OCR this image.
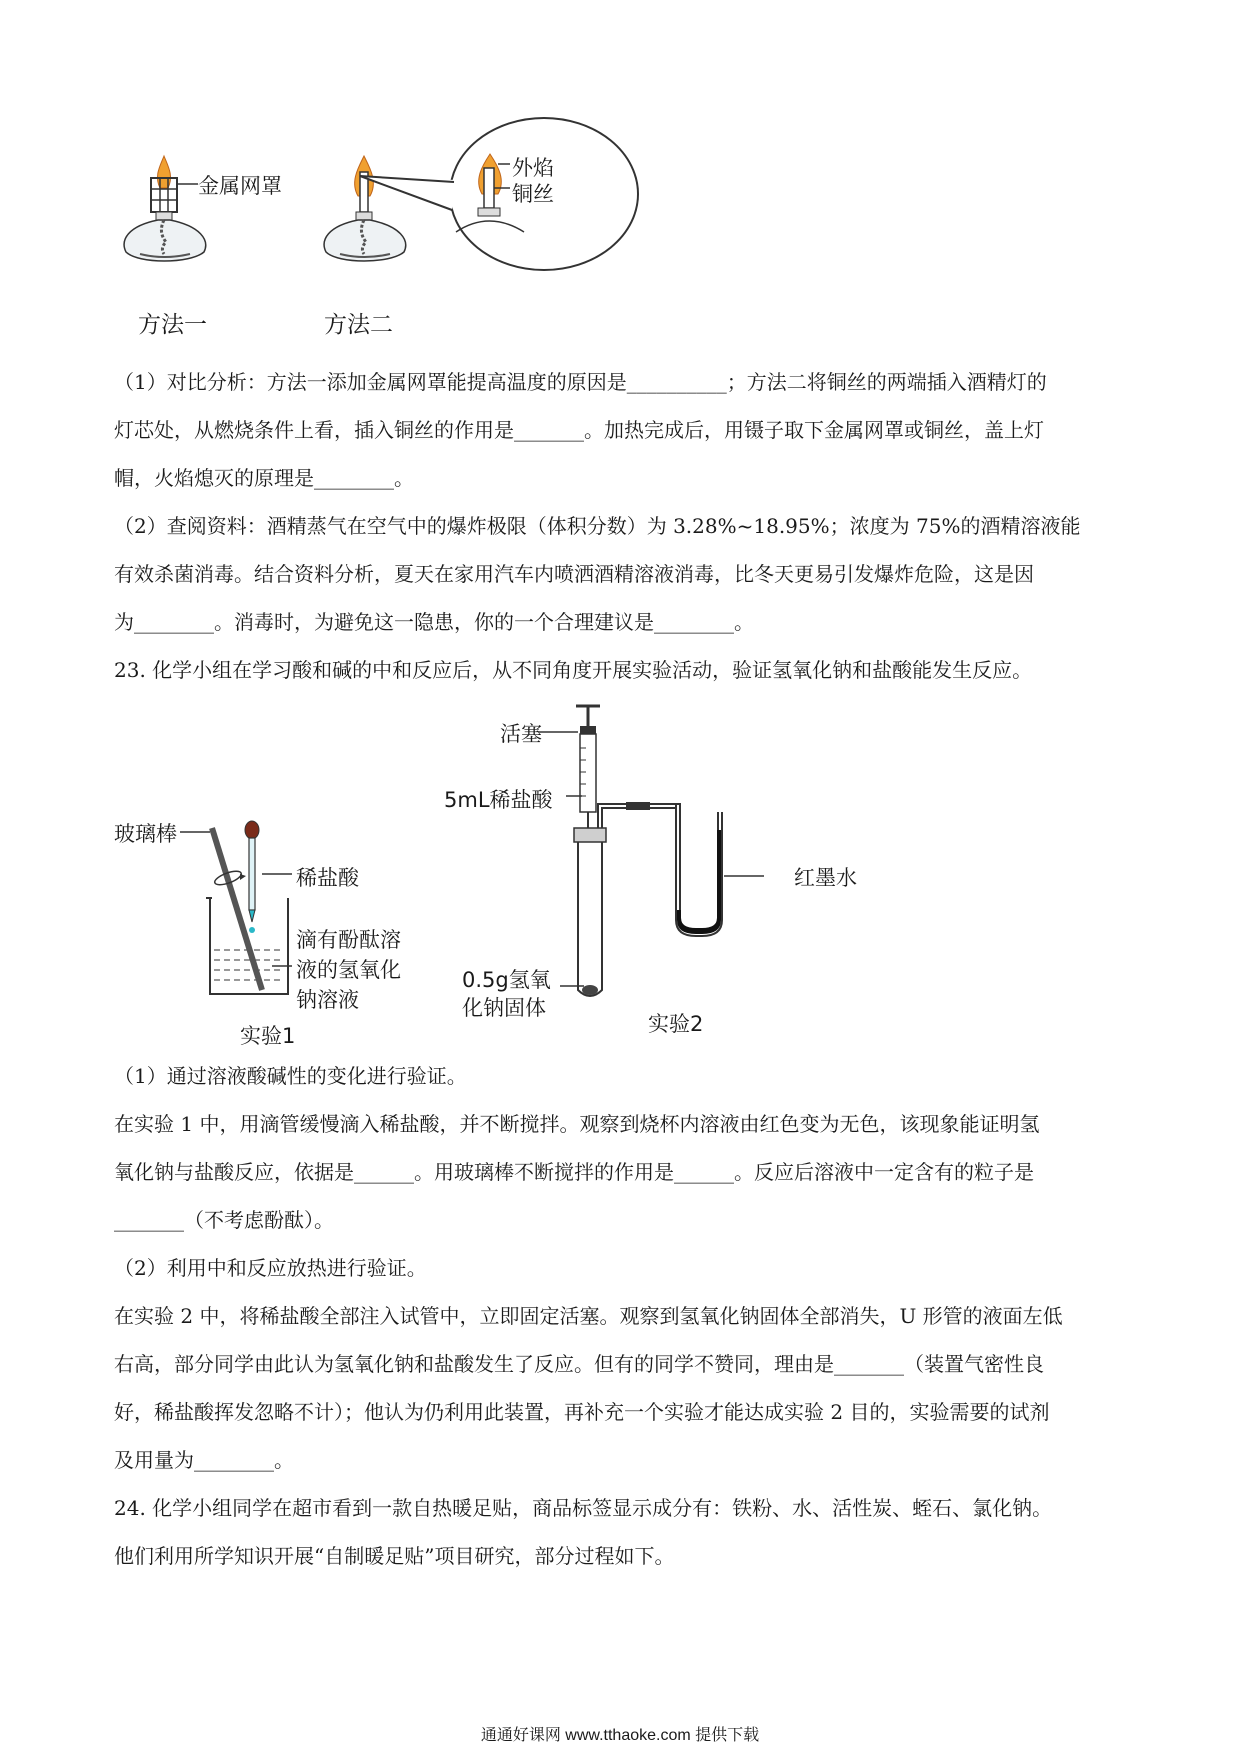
金属网罩
外焰
铜丝
方法一	方法二
（1）对比分析：方法一添加金属网罩能提高温度的原因是__________；方法二将铜丝的两端插入酒精灯的
灯芯处，从燃烧条件上看，插入铜丝的作用是_______。加热完成后，用镊子取下金属网罩或铜丝，盖上灯
帽，火焰熄灭的原理是________。
（2）查阅资料：酒精蒸气在空气中的爆炸极限（体积分数）为 3.28%~18.95%；浓度为 75%的酒精溶液能
有效杀菌消毒。结合资料分析，夏天在家用汽车内喷洒酒精溶液消毒，比冬天更易引发爆炸危险，这是因
为________。消毒时，为避免这一隐患，你的一个合理建议是________。
23. 化学小组在学习酸和碱的中和反应后，从不同角度开展实验活动，验证氢氧化钠和盐酸能发生反应。
玻璃棒
稀盐酸
滴有酚酞溶
液的氢氧化
钠溶液
实验1
活塞
5mL稀盐酸
红墨水
0.5g氢氧
化钠固体
实验2
（1）通过溶液酸碱性的变化进行验证。
在实验 1 中，用滴管缓慢滴入稀盐酸，并不断搅拌。观察到烧杯内溶液由红色变为无色，该现象能证明氢
氧化钠与盐酸反应，依据是______。用玻璃棒不断搅拌的作用是______。反应后溶液中一定含有的粒子是
_______（不考虑酚酞）。
（2）利用中和反应放热进行验证。
在实验 2 中，将稀盐酸全部注入试管中，立即固定活塞。观察到氢氧化钠固体全部消失，U 形管的液面左低
右高，部分同学由此认为氢氧化钠和盐酸发生了反应。但有的同学不赞同，理由是_______（装置气密性良
好，稀盐酸挥发忽略不计）；他认为仍利用此装置，再补充一个实验才能达成实验 2 目的，实验需要的试剂
及用量为________。
24. 化学小组同学在超市看到一款自热暖足贴，商品标签显示成分有：铁粉、水、活性炭、蛭石、氯化钠。
他们利用所学知识开展“自制暖足贴”项目研究，部分过程如下。
通通好课网 www.tthaoke.com 提供下载
